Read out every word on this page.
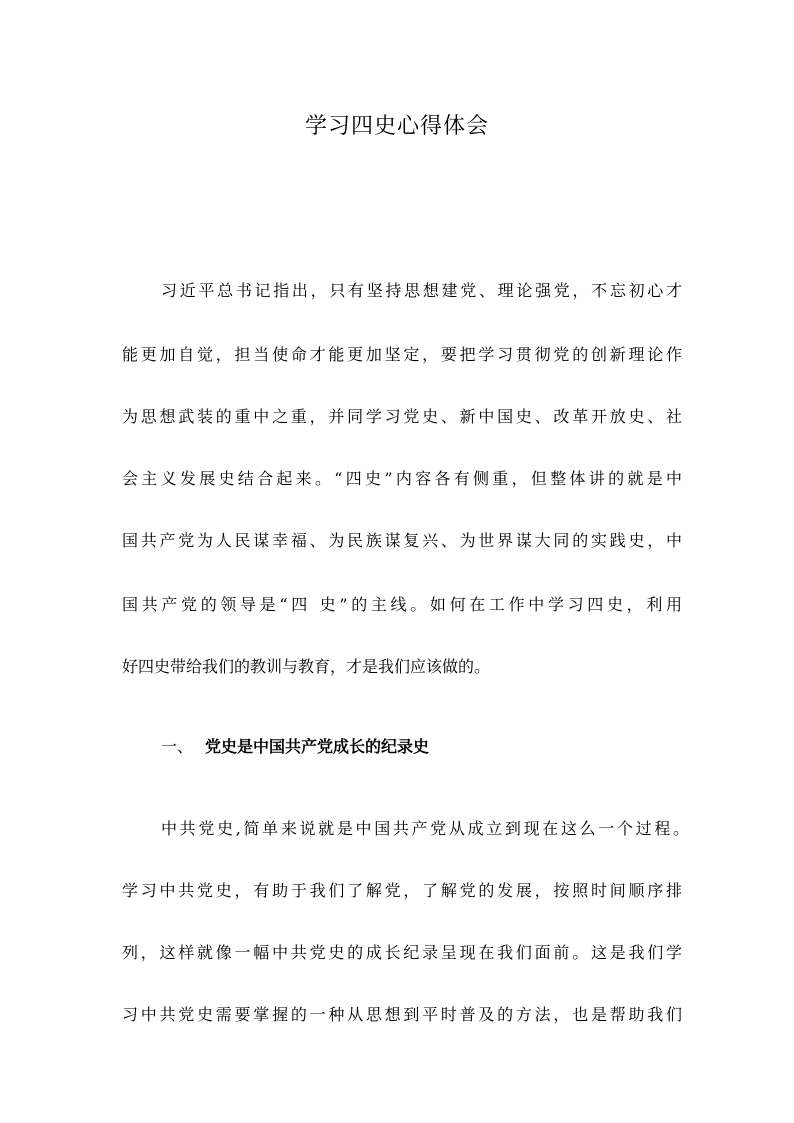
学习四史心得体会
习近平总书记指出，只有坚持思想建党、理论强党，不忘初心才
能更加自觉，担当使命才能更加坚定，要把学习贯彻党的创新理论作
为思想武装的重中之重，并同学习党史、新中国史、改革开放史、社
会主义发展史结合起来。“四史”内容各有侧重，但整体讲的就是中
国共产党为人民谋幸福、为民族谋复兴、为世界谋大同的实践史，中
国共产党的领导是“四 史”的主线。如何在工作中学习四史，利用
好四史带给我们的教训与教育，才是我们应该做的。
一、 党史是中国共产党成长的纪录史
中共党史,简单来说就是中国共产党从成立到现在这么一个过程。
学习中共党史，有助于我们了解党，了解党的发展，按照时间顺序排
列，这样就像一幅中共党史的成长纪录呈现在我们面前。这是我们学
习中共党史需要掌握的一种从思想到平时普及的方法，也是帮助我们
